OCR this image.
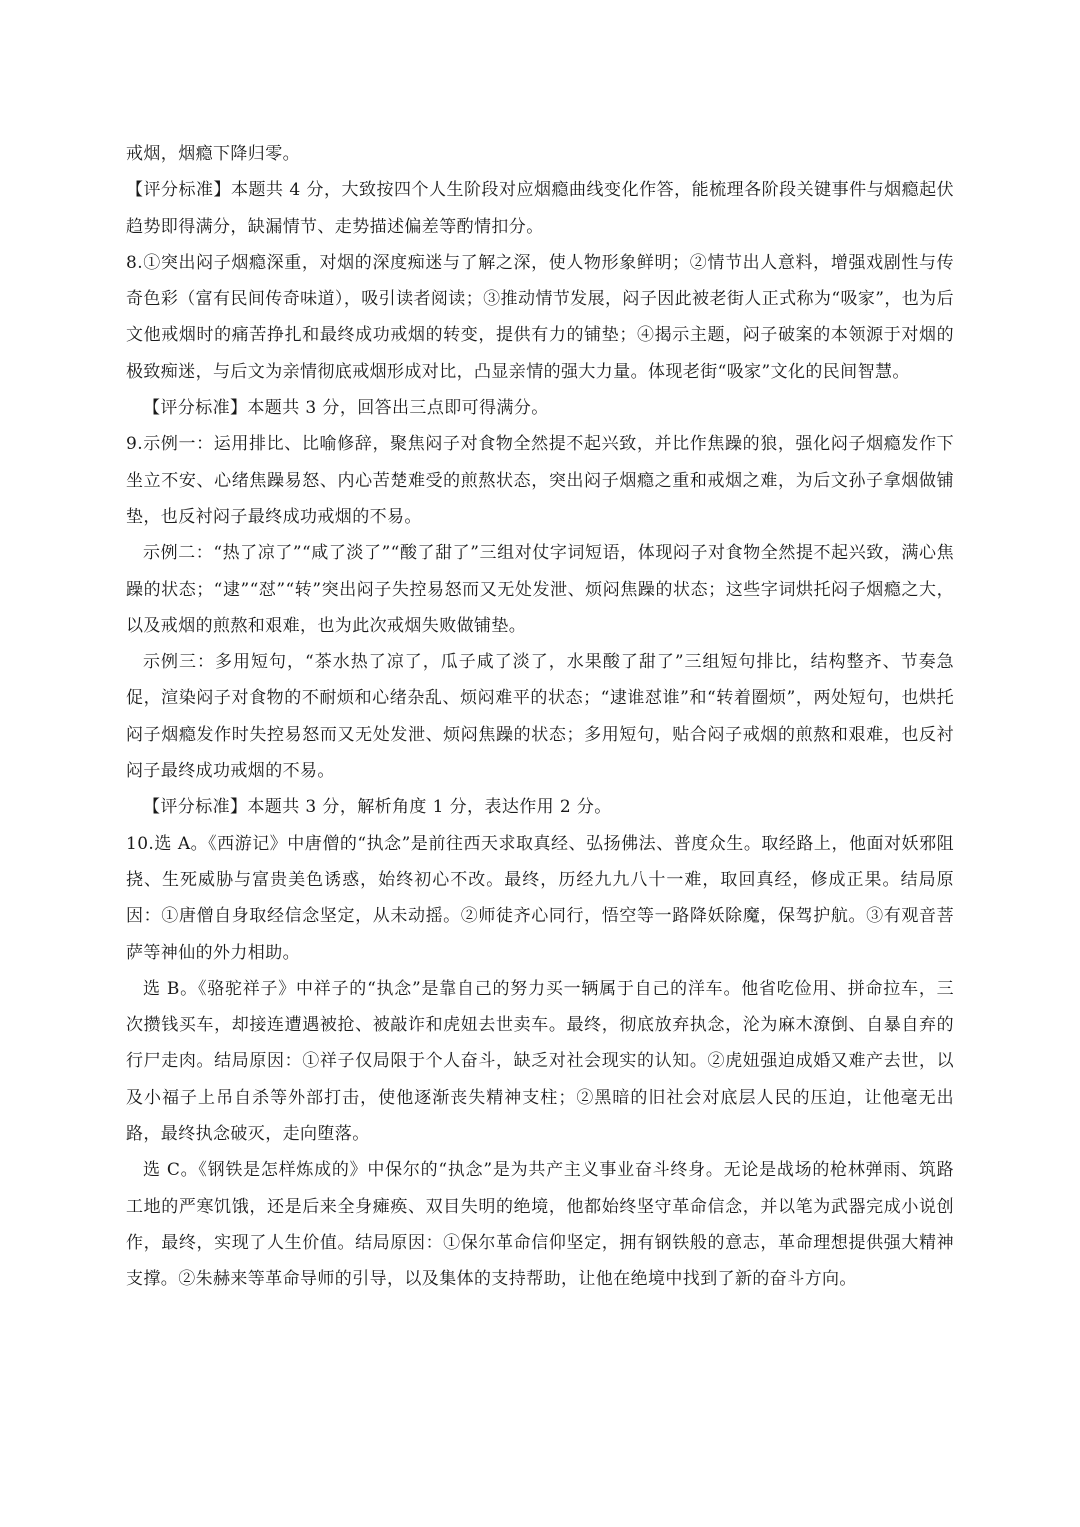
戒烟，烟瘾下降归零。

【评分标准】本题共 4 分，大致按四个人生阶段对应烟瘾曲线变化作答，能梳理各阶段关键事件与烟瘾起伏趋势即得满分，缺漏情节、走势描述偏差等酌情扣分。

8.①突出闷子烟瘾深重，对烟的深度痴迷与了解之深，使人物形象鲜明；②情节出人意料，增强戏剧性与传奇色彩（富有民间传奇味道），吸引读者阅读；③推动情节发展，闷子因此被老街人正式称为“吸家”，也为后文他戒烟时的痛苦挣扎和最终成功戒烟的转变，提供有力的铺垫；④揭示主题，闷子破案的本领源于对烟的极致痴迷，与后文为亲情彻底戒烟形成对比，凸显亲情的强大力量。体现老街“吸家”文化的民间智慧。

【评分标准】本题共 3 分，回答出三点即可得满分。

9.示例一：运用排比、比喻修辞，聚焦闷子对食物全然提不起兴致，并比作焦躁的狼，强化闷子烟瘾发作下坐立不安、心绪焦躁易怒、内心苦楚难受的煎熬状态，突出闷子烟瘾之重和戒烟之难，为后文孙子拿烟做铺垫，也反衬闷子最终成功戒烟的不易。

示例二：“热了凉了”“咸了淡了”“酸了甜了”三组对仗字词短语，体现闷子对食物全然提不起兴致，满心焦躁的状态；“逮”“怼”“转”突出闷子失控易怒而又无处发泄、烦闷焦躁的状态；这些字词烘托闷子烟瘾之大，以及戒烟的煎熬和艰难，也为此次戒烟失败做铺垫。

示例三：多用短句，“茶水热了凉了，瓜子咸了淡了，水果酸了甜了”三组短句排比，结构整齐、节奏急促，渲染闷子对食物的不耐烦和心绪杂乱、烦闷难平的状态；“逮谁怼谁”和“转着圈烦”，两处短句，也烘托闷子烟瘾发作时失控易怒而又无处发泄、烦闷焦躁的状态；多用短句，贴合闷子戒烟的煎熬和艰难，也反衬闷子最终成功戒烟的不易。

【评分标准】本题共 3 分，解析角度 1 分，表达作用 2 分。

10.选 A。《西游记》中唐僧的“执念”是前往西天求取真经、弘扬佛法、普度众生。取经路上，他面对妖邪阻挠、生死威胁与富贵美色诱惑，始终初心不改。最终，历经九九八十一难，取回真经，修成正果。结局原因：①唐僧自身取经信念坚定，从未动摇。②师徒齐心同行，悟空等一路降妖除魔，保驾护航。③有观音菩萨等神仙的外力相助。

选 B。《骆驼祥子》中祥子的“执念”是靠自己的努力买一辆属于自己的洋车。他省吃俭用、拼命拉车，三次攒钱买车，却接连遭遇被抢、被敲诈和虎妞去世卖车。最终，彻底放弃执念，沦为麻木潦倒、自暴自弃的行尸走肉。结局原因：①祥子仅局限于个人奋斗，缺乏对社会现实的认知。②虎妞强迫成婚又难产去世，以及小福子上吊自杀等外部打击，使他逐渐丧失精神支柱；②黑暗的旧社会对底层人民的压迫，让他毫无出路，最终执念破灭，走向堕落。

选 C。《钢铁是怎样炼成的》中保尔的“执念”是为共产主义事业奋斗终身。无论是战场的枪林弹雨、筑路工地的严寒饥饿，还是后来全身瘫痪、双目失明的绝境，他都始终坚守革命信念，并以笔为武器完成小说创作，最终，实现了人生价值。结局原因：①保尔革命信仰坚定，拥有钢铁般的意志，革命理想提供强大精神支撑。②朱赫来等革命导师的引导，以及集体的支持帮助，让他在绝境中找到了新的奋斗方向。
